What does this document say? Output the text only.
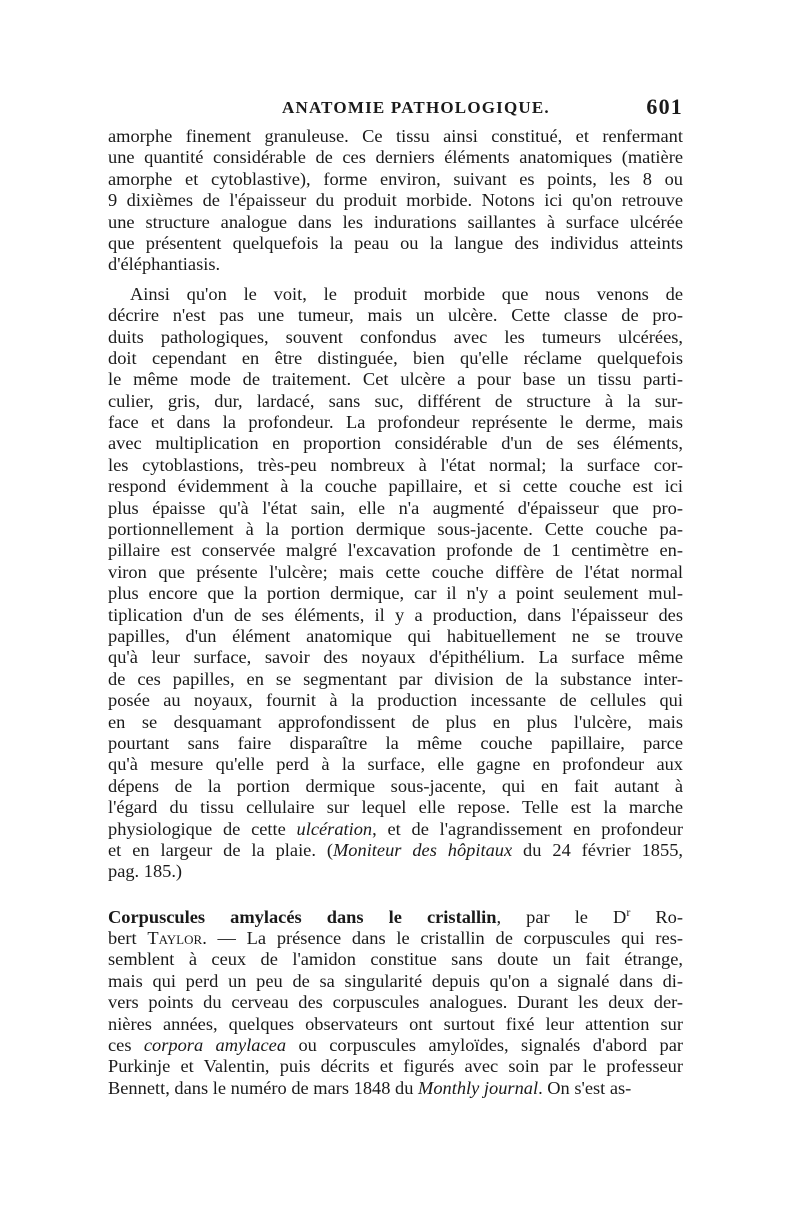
ANATOMIE PATHOLOGIQUE.	601
amorphe finement granuleuse. Ce tissu ainsi constitué, et renfermant
une quantité considérable de ces derniers éléments anatomiques (matière
amorphe et cytoblastive), forme environ, suivant es points, les 8 ou
9 dixièmes de l'épaisseur du produit morbide. Notons ici qu'on retrouve
une structure analogue dans les indurations saillantes à surface ulcérée
que présentent quelquefois la peau ou la langue des individus atteints
d'éléphantiasis.
Ainsi qu'on le voit, le produit morbide que nous venons de
décrire n'est pas une tumeur, mais un ulcère. Cette classe de pro-
duits pathologiques, souvent confondus avec les tumeurs ulcérées,
doit cependant en être distinguée, bien qu'elle réclame quelquefois
le même mode de traitement. Cet ulcère a pour base un tissu parti-
culier, gris, dur, lardacé, sans suc, différent de structure à la sur-
face et dans la profondeur. La profondeur représente le derme, mais
avec multiplication en proportion considérable d'un de ses éléments,
les cytoblastions, très-peu nombreux à l'état normal; la surface cor-
respond évidemment à la couche papillaire, et si cette couche est ici
plus épaisse qu'à l'état sain, elle n'a augmenté d'épaisseur que pro-
portionnellement à la portion dermique sous-jacente. Cette couche pa-
pillaire est conservée malgré l'excavation profonde de 1 centimètre en-
viron que présente l'ulcère; mais cette couche diffère de l'état normal
plus encore que la portion dermique, car il n'y a point seulement mul-
tiplication d'un de ses éléments, il y a production, dans l'épaisseur des
papilles, d'un élément anatomique qui habituellement ne se trouve
qu'à leur surface, savoir des noyaux d'épithélium. La surface même
de ces papilles, en se segmentant par division de la substance inter-
posée au noyaux, fournit à la production incessante de cellules qui
en se desquamant approfondissent de plus en plus l'ulcère, mais
pourtant sans faire disparaître la même couche papillaire, parce
qu'à mesure qu'elle perd à la surface, elle gagne en profondeur aux
dépens de la portion dermique sous-jacente, qui en fait autant à
l'égard du tissu cellulaire sur lequel elle repose. Telle est la marche
physiologique de cette ulcération, et de l'agrandissement en profondeur
et en largeur de la plaie. (Moniteur des hôpitaux du 24 février 1855,
pag. 185.)
Corpuscules amylacés dans le cristallin, par le $D^r$ Ro-
bert Taylor. — La présence dans le cristallin de corpuscules qui res-
semblent à ceux de l'amidon constitue sans doute un fait étrange,
mais qui perd un peu de sa singularité depuis qu'on a signalé dans di-
vers points du cerveau des corpuscules analogues. Durant les deux der-
nières années, quelques observateurs ont surtout fixé leur attention sur
ces corpora amylacea ou corpuscules amyloïdes, signalés d'abord par
Purkinje et Valentin, puis décrits et figurés avec soin par le professeur
Bennett, dans le numéro de mars 1848 du Monthly journal. On s'est as-
